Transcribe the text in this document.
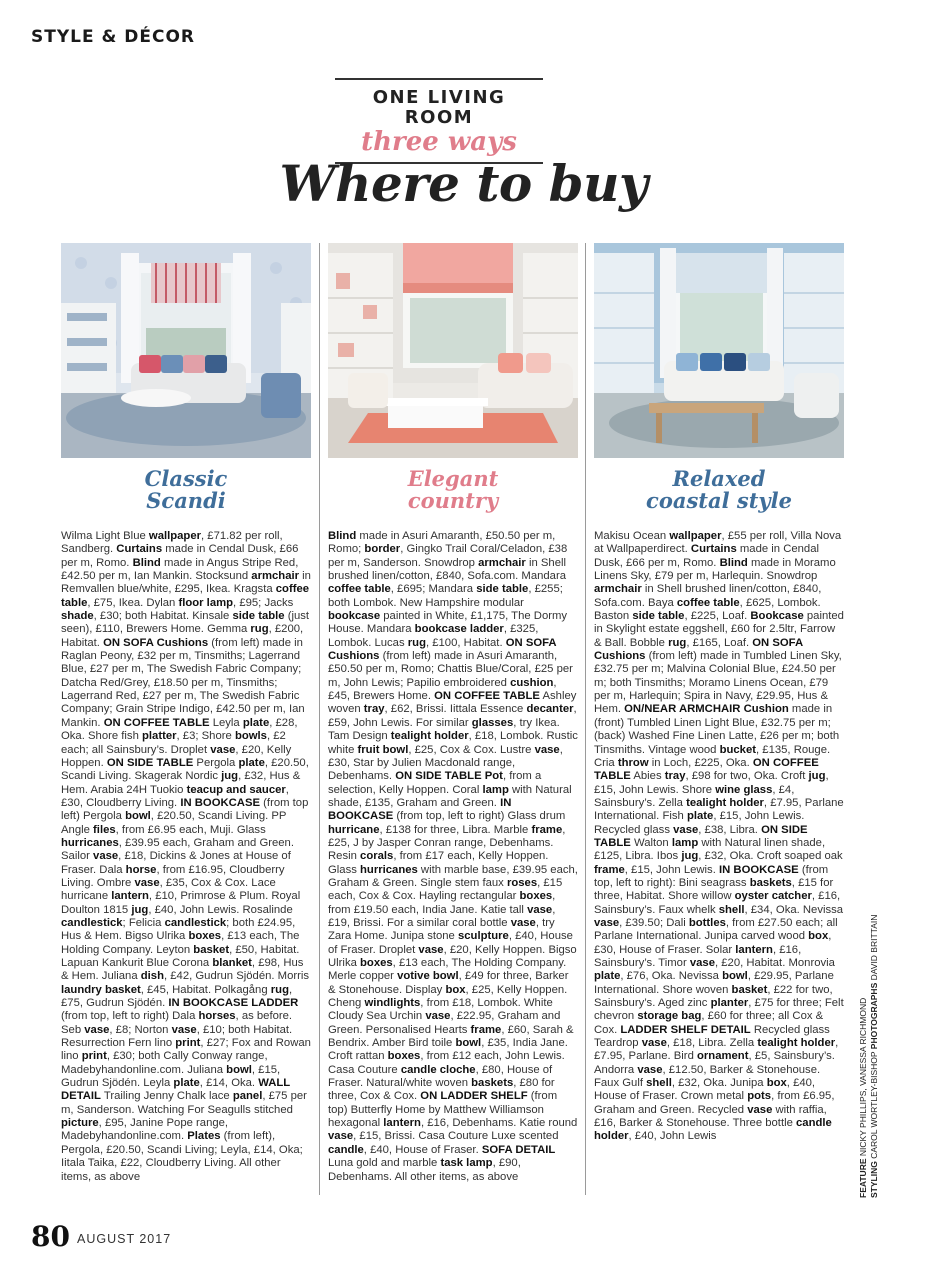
STYLE & DÉCOR
ONE LIVING ROOM
three ways
Where to buy
Classic
Scandi
Wilma Light Blue wallpaper, £71.82 per roll, Sandberg. Curtains made in Cendal Dusk, £66 per m, Romo. Blind made in Angus Stripe Red, £42.50 per m, Ian Mankin. Stocksund armchair in Remvallen blue/white, £295, Ikea. Kragsta coffee table, £75, Ikea. Dylan floor lamp, £95; Jacks shade, £30; both Habitat. Kinsale side table (just seen), £110, Brewers Home. Gemma rug, £200, Habitat. ON SOFA Cushions (from left) made in Raglan Peony, £32 per m, Tinsmiths; Lagerrand Blue, £27 per m, The Swedish Fabric Company; Datcha Red/Grey, £18.50 per m, Tinsmiths; Lagerrand Red, £27 per m, The Swedish Fabric Company; Grain Stripe Indigo, £42.50 per m, Ian Mankin. ON COFFEE TABLE Leyla plate, £28, Oka. Shore fish platter, £3; Shore bowls, £2 each; all Sainsbury’s. Droplet vase, £20, Kelly Hoppen. ON SIDE TABLE Pergola plate, £20.50, Scandi Living. Skagerak Nordic jug, £32, Hus & Hem. Arabia 24H Tuokio teacup and saucer, £30, Cloudberry Living. IN BOOKCASE (from top left) Pergola bowl, £20.50, Scandi Living. PP Angle files, from £6.95 each, Muji. Glass hurricanes, £39.95 each, Graham and Green. Sailor vase, £18, Dickins & Jones at House of Fraser. Dala horse, from £16.95, Cloudberry Living. Ombre vase, £35, Cox & Cox. Lace hurricane lantern, £10, Primrose & Plum. Royal Doulton 1815 jug, £40, John Lewis. Rosalinde candlestick; Felicia candlestick; both £24.95, Hus & Hem. Bigso Ulrika boxes, £13 each, The Holding Company. Leyton basket, £50, Habitat. Lapuan Kankurit Blue Corona blanket, £98, Hus & Hem. Juliana dish, £42, Gudrun Sjödén. Morris laundry basket, £45, Habitat. Polkagång rug, £75, Gudrun Sjödén. IN BOOKCASE LADDER (from top, left to right) Dala horses, as before. Seb vase, £8; Norton vase, £10; both Habitat. Resurrection Fern lino print, £27; Fox and Rowan lino print, £30; both Cally Conway range, Madebyhandonline.com. Juliana bowl, £15, Gudrun Sjödén. Leyla plate, £14, Oka. WALL DETAIL Trailing Jenny Chalk lace panel, £75 per m, Sanderson. Watching For Seagulls stitched picture, £95, Janine Pope range, Madebyhandonline.com. Plates (from left), Pergola, £20.50, Scandi Living; Leyla, £14, Oka; Iitala Taika, £22, Cloudberry Living. All other items, as above
Elegant
country
Blind made in Asuri Amaranth, £50.50 per m, Romo; border, Gingko Trail Coral/Celadon, £38 per m, Sanderson. Snowdrop armchair in Shell brushed linen/cotton, £840, Sofa.com. Mandara coffee table, £695; Mandara side table, £255; both Lombok. New Hampshire modular bookcase painted in White, £1,175, The Dormy House. Mandara bookcase ladder, £325, Lombok. Lucas rug, £100, Habitat. ON SOFA Cushions (from left) made in Asuri Amaranth, £50.50 per m, Romo; Chattis Blue/Coral, £25 per m, John Lewis; Papilio embroidered cushion, £45, Brewers Home. ON COFFEE TABLE Ashley woven tray, £62, Brissi. Iittala Essence decanter, £59, John Lewis. For similar glasses, try Ikea. Tam Design tealight holder, £18, Lombok. Rustic white fruit bowl, £25, Cox & Cox. Lustre vase, £30, Star by Julien Macdonald range, Debenhams. ON SIDE TABLE Pot, from a selection, Kelly Hoppen. Coral lamp with Natural shade, £135, Graham and Green. IN BOOKCASE (from top, left to right) Glass drum hurricane, £138 for three, Libra. Marble frame, £25, J by Jasper Conran range, Debenhams. Resin corals, from £17 each, Kelly Hoppen. Glass hurricanes with marble base, £39.95 each, Graham & Green. Single stem faux roses, £15 each, Cox & Cox. Hayling rectangular boxes, from £19.50 each, India Jane. Katie tall vase, £19, Brissi. For a similar coral bottle vase, try Zara Home. Junipa stone sculpture, £40, House of Fraser. Droplet vase, £20, Kelly Hoppen. Bigso Ulrika boxes, £13 each, The Holding Company. Merle copper votive bowl, £49 for three, Barker & Stonehouse. Display box, £25, Kelly Hoppen. Cheng windlights, from £18, Lombok. White Cloudy Sea Urchin vase, £22.95, Graham and Green. Personalised Hearts frame, £60, Sarah & Bendrix. Amber Bird toile bowl, £35, India Jane. Croft rattan boxes, from £12 each, John Lewis. Casa Couture candle cloche, £80, House of Fraser. Natural/white woven baskets, £80 for three, Cox & Cox. ON LADDER SHELF (from top) Butterfly Home by Matthew Williamson hexagonal lantern, £16, Debenhams. Katie round vase, £15, Brissi. Casa Couture Luxe scented candle, £40, House of Fraser. SOFA DETAIL Luna gold and marble task lamp, £90, Debenhams. All other items, as above
Relaxed
coastal style
Makisu Ocean wallpaper, £55 per roll, Villa Nova at Wallpaperdirect. Curtains made in Cendal Dusk, £66 per m, Romo. Blind made in Moramo Linens Sky, £79 per m, Harlequin. Snowdrop armchair in Shell brushed linen/cotton, £840, Sofa.com. Baya coffee table, £625, Lombok. Baston side table, £225, Loaf. Bookcase painted in Skylight estate eggshell, £60 for 2.5ltr, Farrow & Ball. Bobble rug, £165, Loaf. ON SOFA Cushions (from left) made in Tumbled Linen Sky, £32.75 per m; Malvina Colonial Blue, £24.50 per m; both Tinsmiths; Moramo Linens Ocean, £79 per m, Harlequin; Spira in Navy, £29.95, Hus & Hem. ON/NEAR ARMCHAIR Cushion made in (front) Tumbled Linen Light Blue, £32.75 per m; (back) Washed Fine Linen Latte, £26 per m; both Tinsmiths. Vintage wood bucket, £135, Rouge. Cria throw in Loch, £225, Oka. ON COFFEE TABLE Abies tray, £98 for two, Oka. Croft jug, £15, John Lewis. Shore wine glass, £4, Sainsbury’s. Zella tealight holder, £7.95, Parlane International. Fish plate, £15, John Lewis. Recycled glass vase, £38, Libra. ON SIDE TABLE Walton lamp with Natural linen shade, £125, Libra. Ibos jug, £32, Oka. Croft soaped oak frame, £15, John Lewis. IN BOOKCASE (from top, left to right): Bini seagrass baskets, £15 for three, Habitat. Shore willow oyster catcher, £16, Sainsbury’s. Faux whelk shell, £34, Oka. Nevissa vase, £39.50; Dali bottles, from £27.50 each; all Parlane International. Junipa carved wood box, £30, House of Fraser. Solar lantern, £16, Sainsbury’s. Timor vase, £20, Habitat. Monrovia plate, £76, Oka. Nevissa bowl, £29.95, Parlane International. Shore woven basket, £22 for two, Sainsbury’s. Aged zinc planter, £75 for three; Felt chevron storage bag, £60 for three; all Cox & Cox. LADDER SHELF DETAIL Recycled glass Teardrop vase, £18, Libra. Zella tealight holder, £7.95, Parlane. Bird ornament, £5, Sainsbury’s. Andorra vase, £12.50, Barker & Stonehouse. Faux Gulf shell, £32, Oka. Junipa box, £40, House of Fraser. Crown metal pots, from £6.95, Graham and Green. Recycled vase with raffia, £16, Barker & Stonehouse. Three bottle candle holder, £40, John Lewis
FEATURE NICKY PHILLIPS, VANESSA RICHMOND
STYLING CAROL WORTLEY-BISHOP PHOTOGRAPHS DAVID BRITTAIN
80 AUGUST 2017
